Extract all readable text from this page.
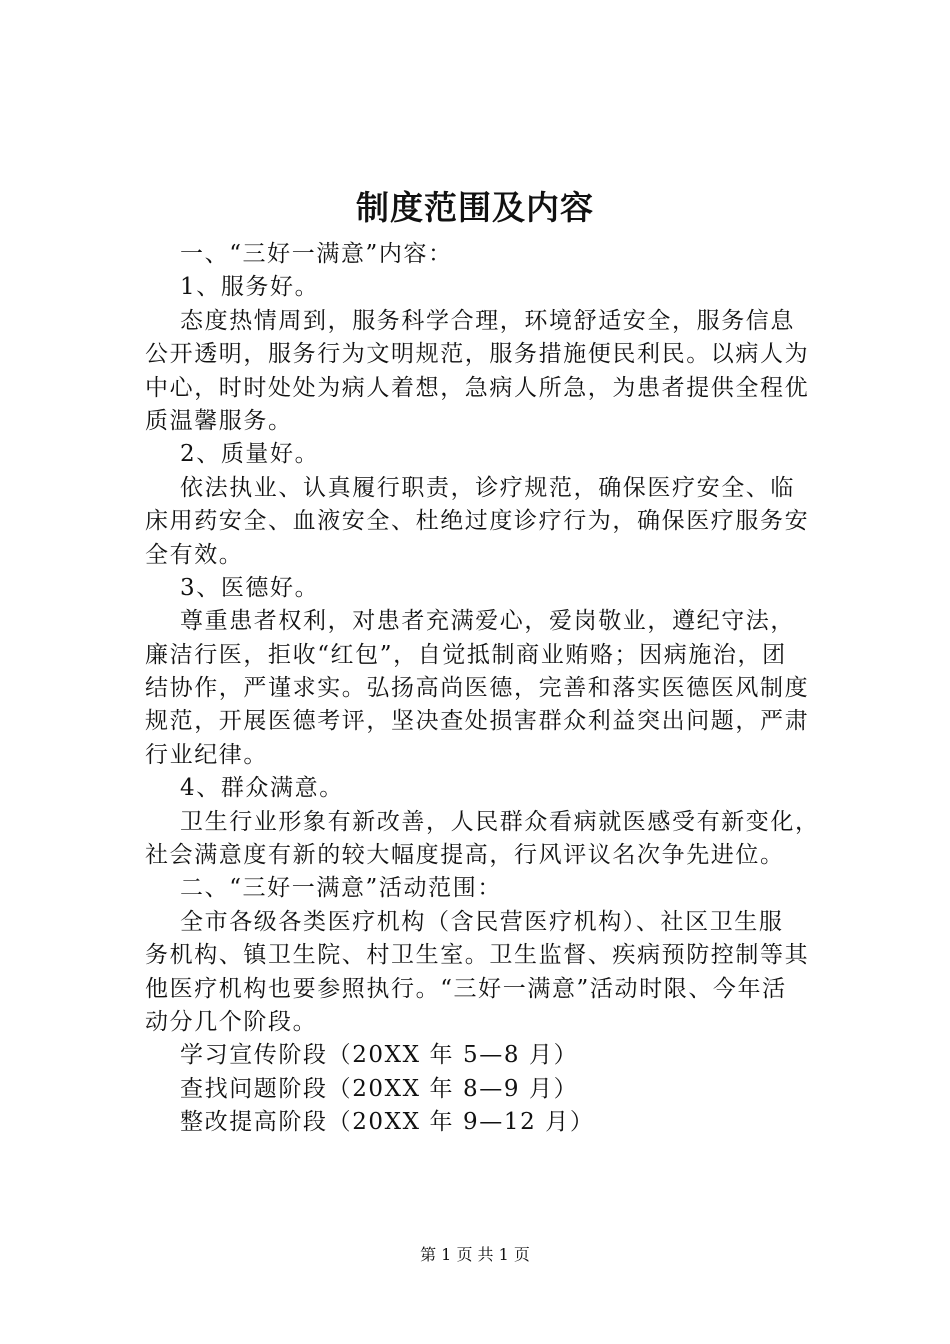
制度范围及内容
一、“三好一满意”内容：
1、服务好。
态度热情周到，服务科学合理，环境舒适安全，服务信息
公开透明，服务行为文明规范，服务措施便民利民。以病人为
中心，时时处处为病人着想，急病人所急，为患者提供全程优
质温馨服务。
2、质量好。
依法执业、认真履行职责，诊疗规范，确保医疗安全、临
床用药安全、血液安全、杜绝过度诊疗行为，确保医疗服务安
全有效。
3、医德好。
尊重患者权利，对患者充满爱心，爱岗敬业，遵纪守法，
廉洁行医，拒收“红包”，自觉抵制商业贿赂；因病施治，团
结协作，严谨求实。弘扬高尚医德，完善和落实医德医风制度
规范，开展医德考评，坚决查处损害群众利益突出问题，严肃
行业纪律。
4、群众满意。
卫生行业形象有新改善，人民群众看病就医感受有新变化，
社会满意度有新的较大幅度提高，行风评议名次争先进位。
二、“三好一满意”活动范围：
全市各级各类医疗机构（含民营医疗机构）、社区卫生服
务机构、镇卫生院、村卫生室。卫生监督、疾病预防控制等其
他医疗机构也要参照执行。“三好一满意”活动时限、今年活
动分几个阶段。
学习宣传阶段（20XX 年 5—8 月）
查找问题阶段（20XX 年 8—9 月）
整改提高阶段（20XX 年 9—12 月）
第 1 页 共 1 页
